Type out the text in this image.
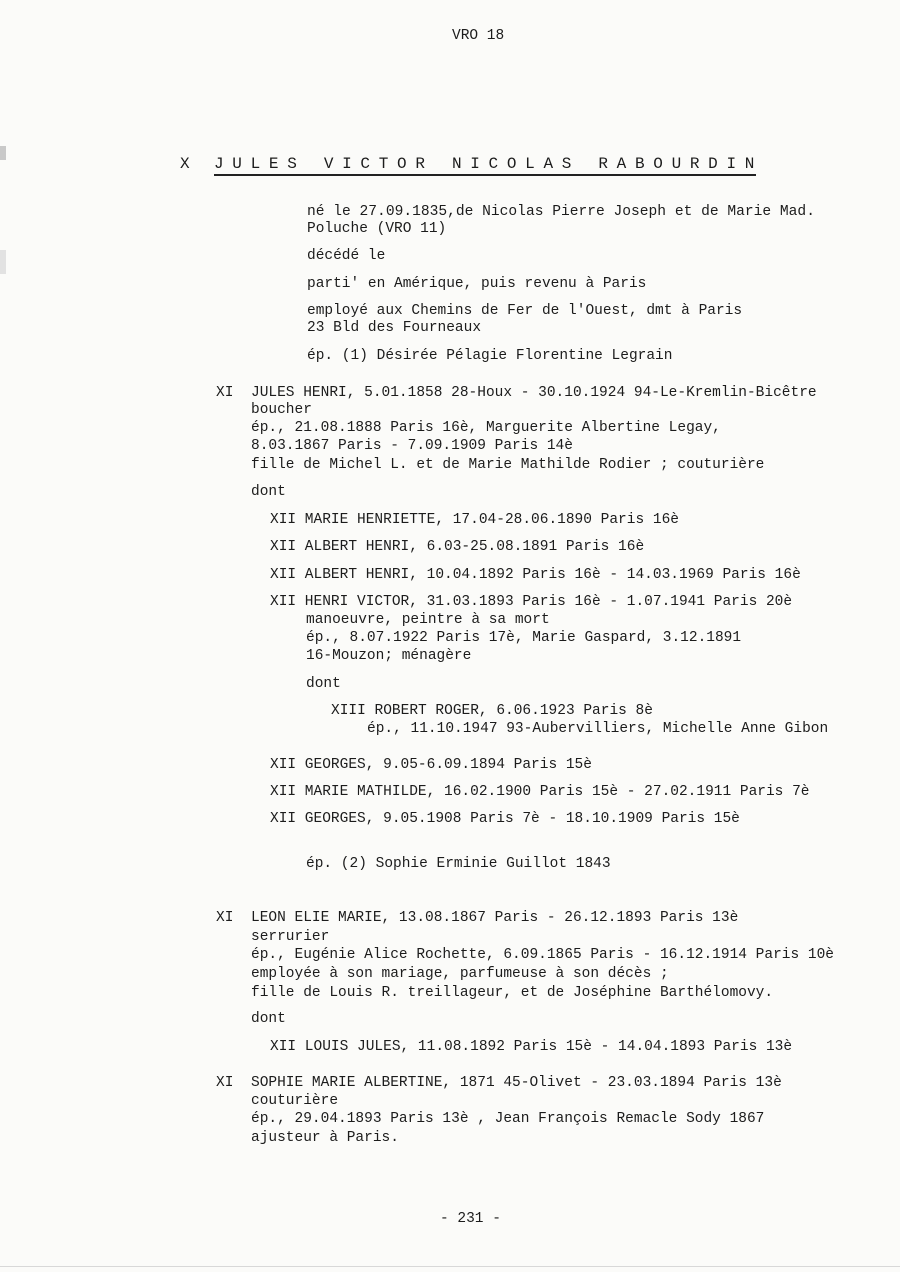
VRO 18
X J U L E S   V I C T O R   N I C O L A S   R A B O U R D I N
né le 27.09.1835,de Nicolas Pierre Joseph et de Marie Mad.
Poluche (VRO 11)
décédé le
parti' en Amérique, puis revenu à Paris
employé aux Chemins de Fer de l'Ouest, dmt à Paris
23 Bld des Fourneaux
ép. (1) Désirée Pélagie Florentine Legrain
XI JULES HENRI, 5.01.1858 28-Houx - 30.10.1924 94-Le-Kremlin-Bicêtre
boucher
ép., 21.08.1888 Paris 16è, Marguerite Albertine Legay,
8.03.1867 Paris - 7.09.1909 Paris 14è
fille de Michel L. et de Marie Mathilde Rodier ; couturière
dont
XII MARIE HENRIETTE, 17.04-28.06.1890 Paris 16è
XII ALBERT HENRI, 6.03-25.08.1891 Paris 16è
XII ALBERT HENRI, 10.04.1892 Paris 16è - 14.03.1969 Paris 16è
XII HENRI VICTOR, 31.03.1893 Paris 16è - 1.07.1941 Paris 20è
manoeuvre, peintre à sa mort
ép., 8.07.1922 Paris 17è, Marie Gaspard, 3.12.1891
16-Mouzon; ménagère
dont
XIII ROBERT ROGER, 6.06.1923 Paris 8è
ép., 11.10.1947 93-Aubervilliers, Michelle Anne Gibon
XII GEORGES, 9.05-6.09.1894 Paris 15è
XII MARIE MATHILDE, 16.02.1900 Paris 15è - 27.02.1911 Paris 7è
XII GEORGES, 9.05.1908 Paris 7è - 18.10.1909 Paris 15è
ép. (2) Sophie Erminie Guillot 1843
XI LEON ELIE MARIE, 13.08.1867 Paris - 26.12.1893 Paris 13è
serrurier
ép., Eugénie Alice Rochette, 6.09.1865 Paris - 16.12.1914 Paris 10è
employée à son mariage, parfumeuse à son décès ;
fille de Louis R. treillageur, et de Joséphine Barthélomovy.
dont
XII LOUIS JULES, 11.08.1892 Paris 15è - 14.04.1893 Paris 13è
XI SOPHIE MARIE ALBERTINE, 1871 45-Olivet - 23.03.1894 Paris 13è
couturière
ép., 29.04.1893 Paris 13è , Jean François Remacle Sody 1867
ajusteur à Paris.
- 231 -
